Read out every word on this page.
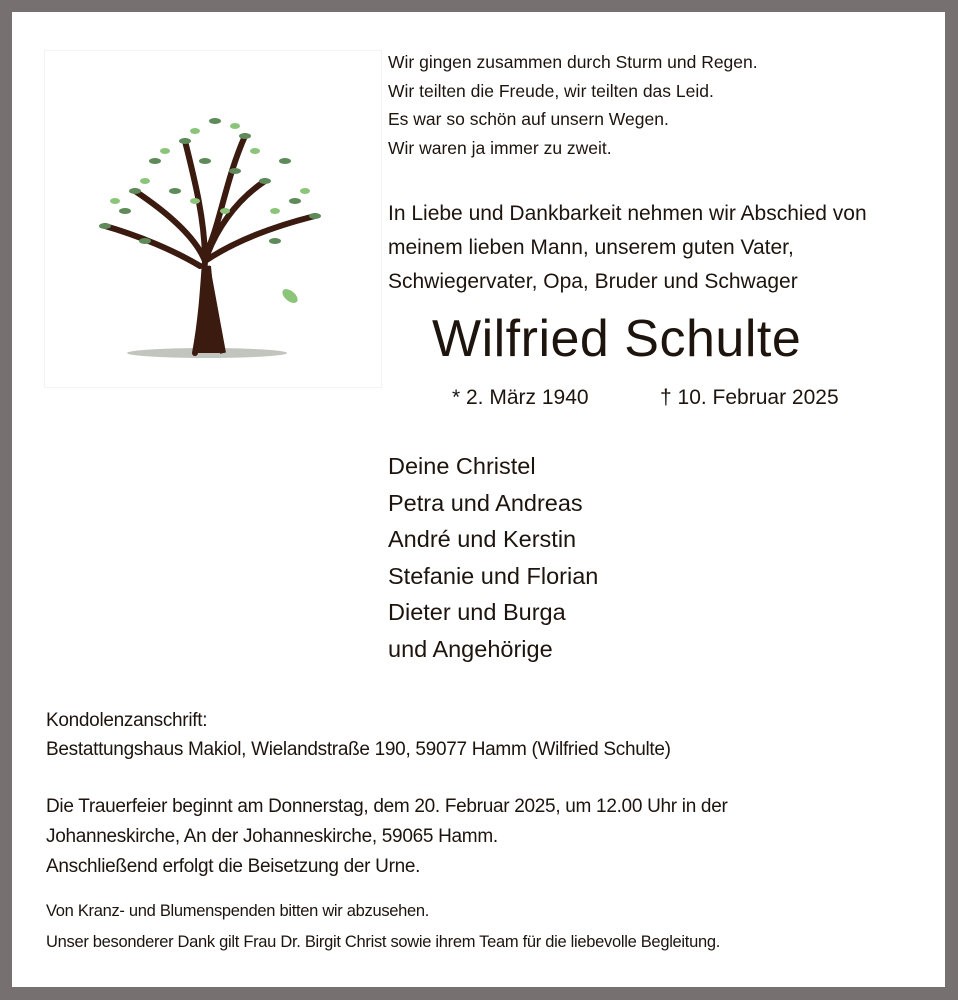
Wir gingen zusammen durch Sturm und Regen.
Wir teilten die Freude, wir teilten das Leid.
Es war so schön auf unsern Wegen.
Wir waren ja immer zu zweit.
In Liebe und Dankbarkeit nehmen wir Abschied von
meinem lieben Mann, unserem guten Vater,
Schwiegervater, Opa, Bruder und Schwager
Wilfried Schulte
* 2. März 1940	† 10. Februar 2025
Deine Christel
Petra und Andreas
André und Kerstin
Stefanie und Florian
Dieter und Burga
und Angehörige
Kondolenzanschrift:
Bestattungshaus Makiol, Wielandstraße 190, 59077 Hamm (Wilfried Schulte)
Die Trauerfeier beginnt am Donnerstag, dem 20. Februar 2025, um 12.00 Uhr in der
Johanneskirche, An der Johanneskirche, 59065 Hamm.
Anschließend erfolgt die Beisetzung der Urne.
Von Kranz- und Blumenspenden bitten wir abzusehen.
Unser besonderer Dank gilt Frau Dr. Birgit Christ sowie ihrem Team für die liebevolle Begleitung.
